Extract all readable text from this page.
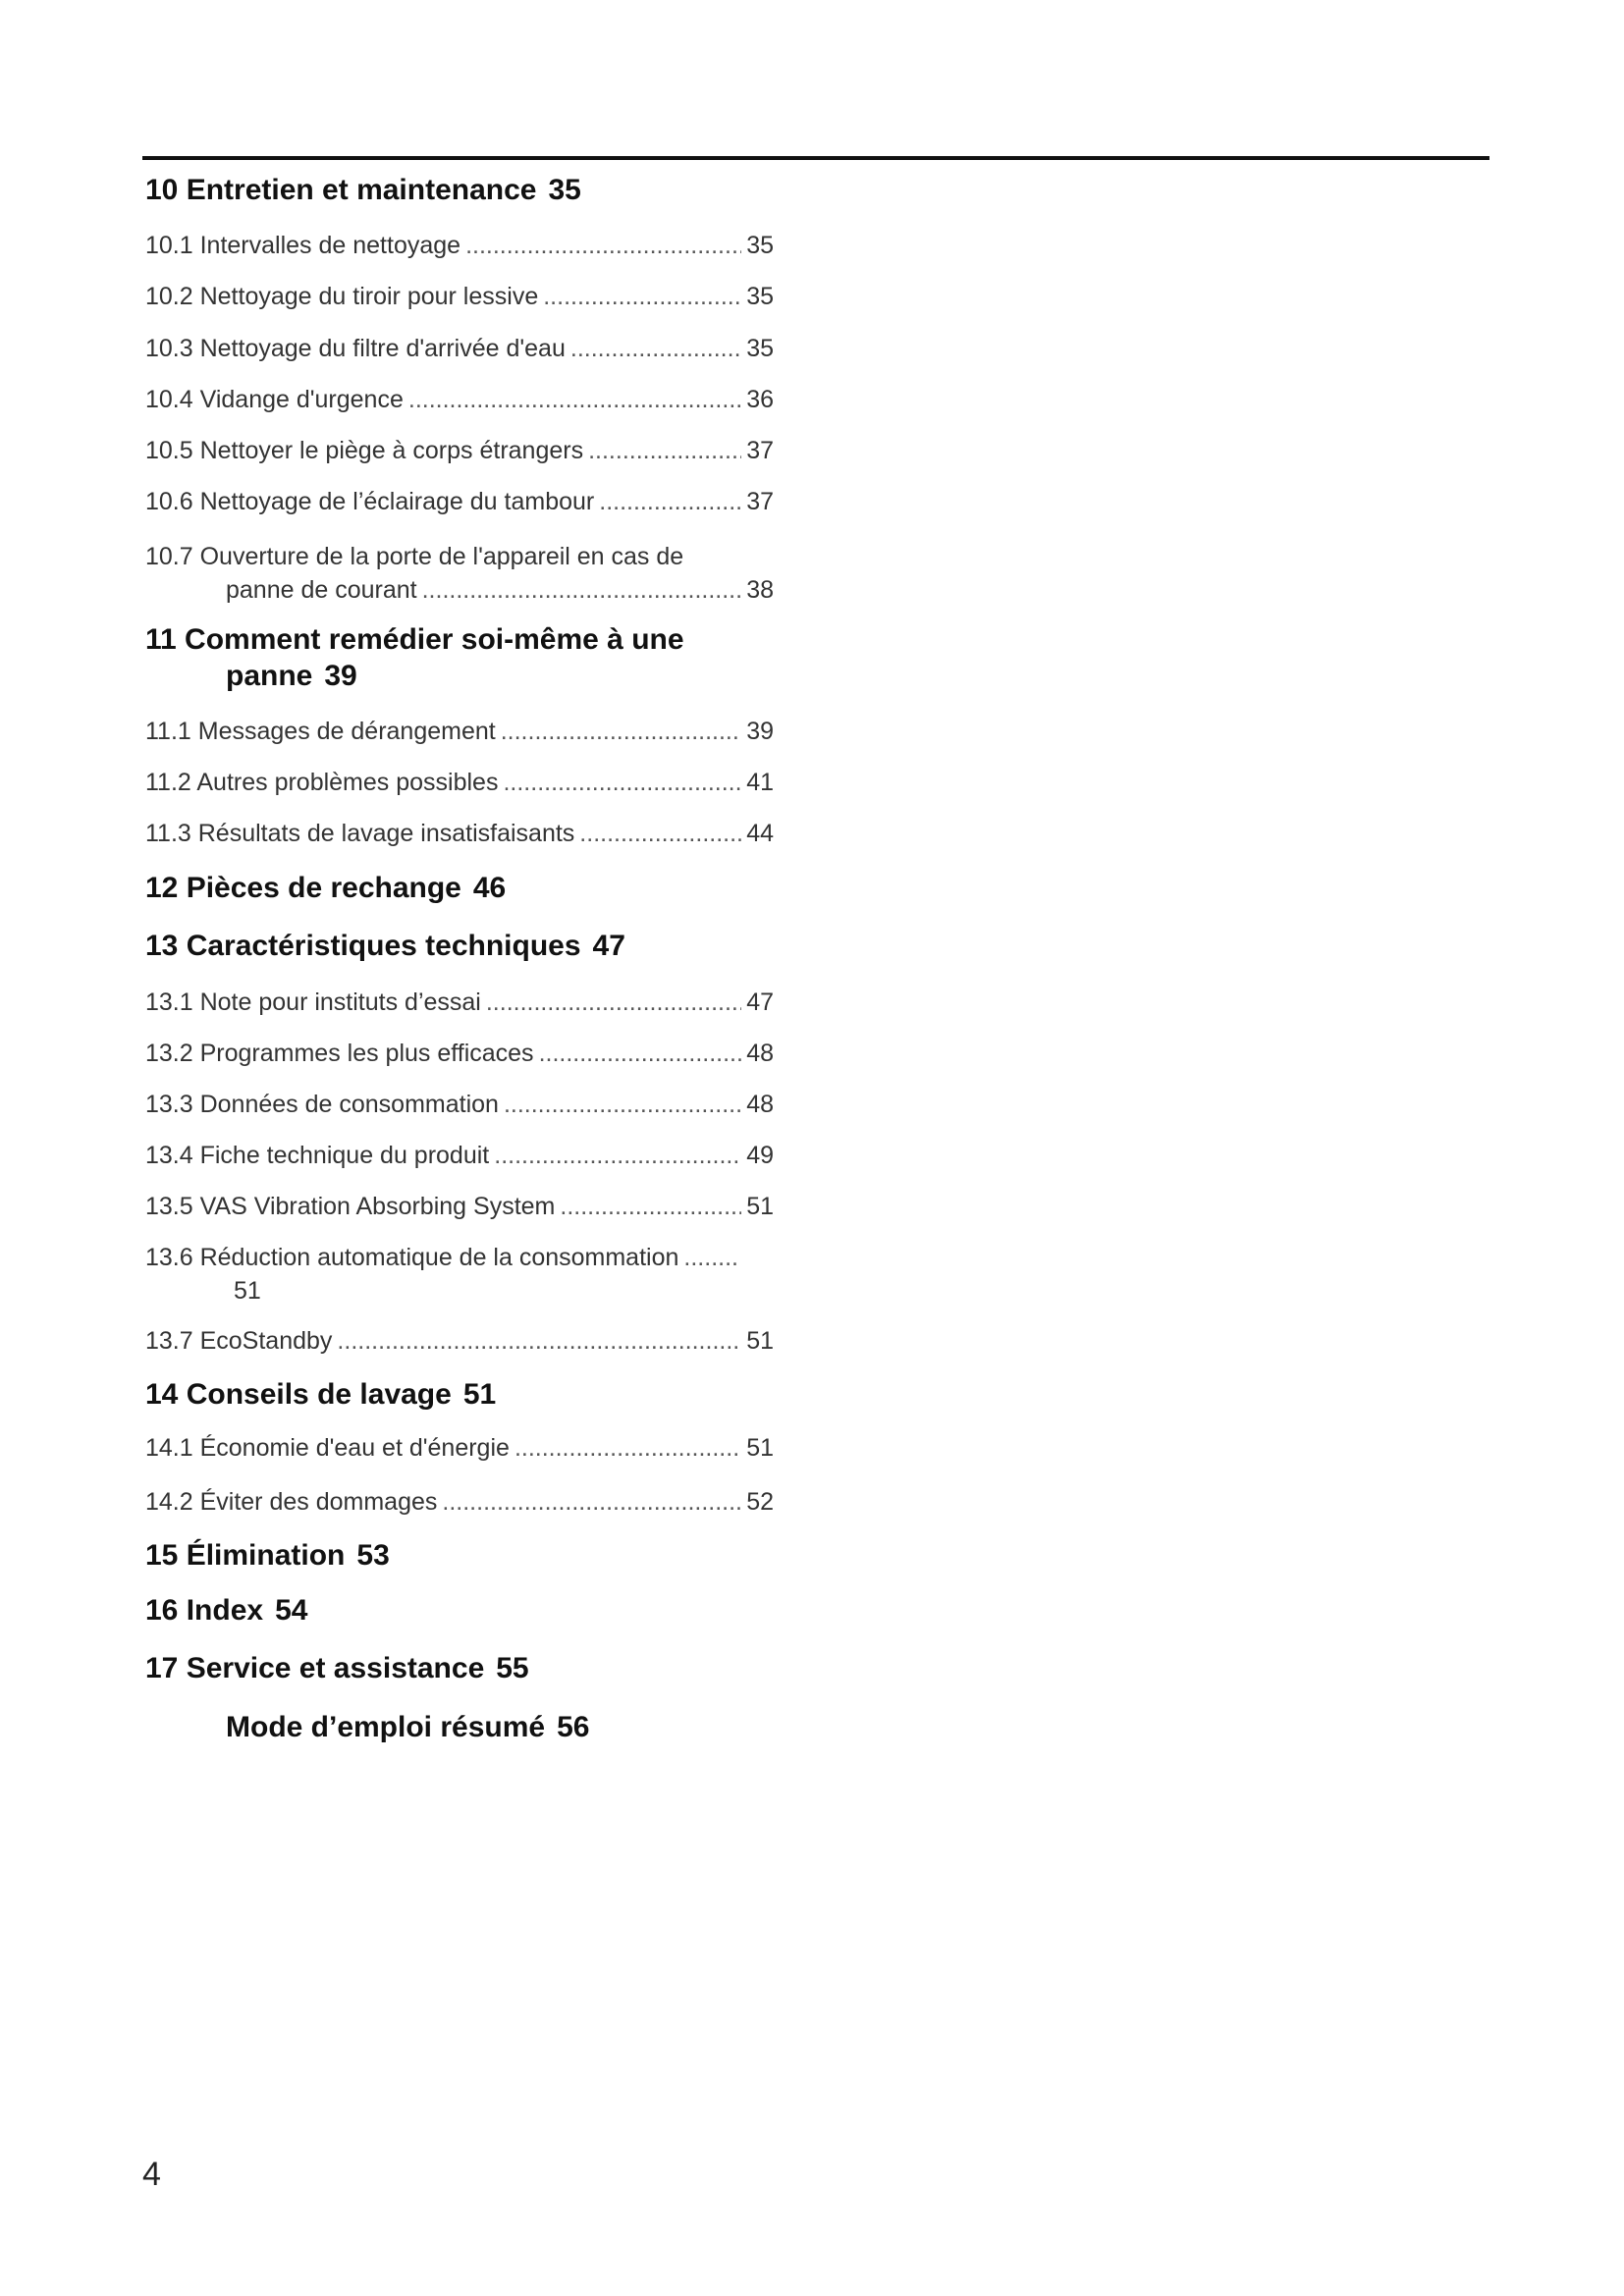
10 Entretien et maintenance 35
10.1 Intervalles de nettoyage .....	35
10.2 Nettoyage du tiroir pour lessive .....	35
10.3 Nettoyage du filtre d'arrivée d'eau .....	35
10.4 Vidange d'urgence .....	36
10.5 Nettoyer le piège à corps étrangers .....	37
10.6 Nettoyage de l’éclairage du tambour .....	37
10.7 Ouverture de la porte de l'appareil en cas de
panne de courant .....	38
11 Comment remédier soi-même à une
panne 39
11.1 Messages de dérangement .....	39
11.2 Autres problèmes possibles .....	41
11.3 Résultats de lavage insatisfaisants .....	44
12 Pièces de rechange 46
13 Caractéristiques techniques 47
13.1 Note pour instituts d’essai .....	47
13.2 Programmes les plus efficaces .....	48
13.3 Données de consommation .....	48
13.4 Fiche technique du produit .....	49
13.5 VAS Vibration Absorbing System .....	51
13.6 Réduction automatique de la consommation
.....
51
13.7 EcoStandby .....	51
14 Conseils de lavage 51
14.1 Économie d'eau et d'énergie .....	51
14.2 Éviter des dommages .....	52
15 Élimination 53
16 Index 54
17 Service et assistance 55
Mode d’emploi résumé 56
4
